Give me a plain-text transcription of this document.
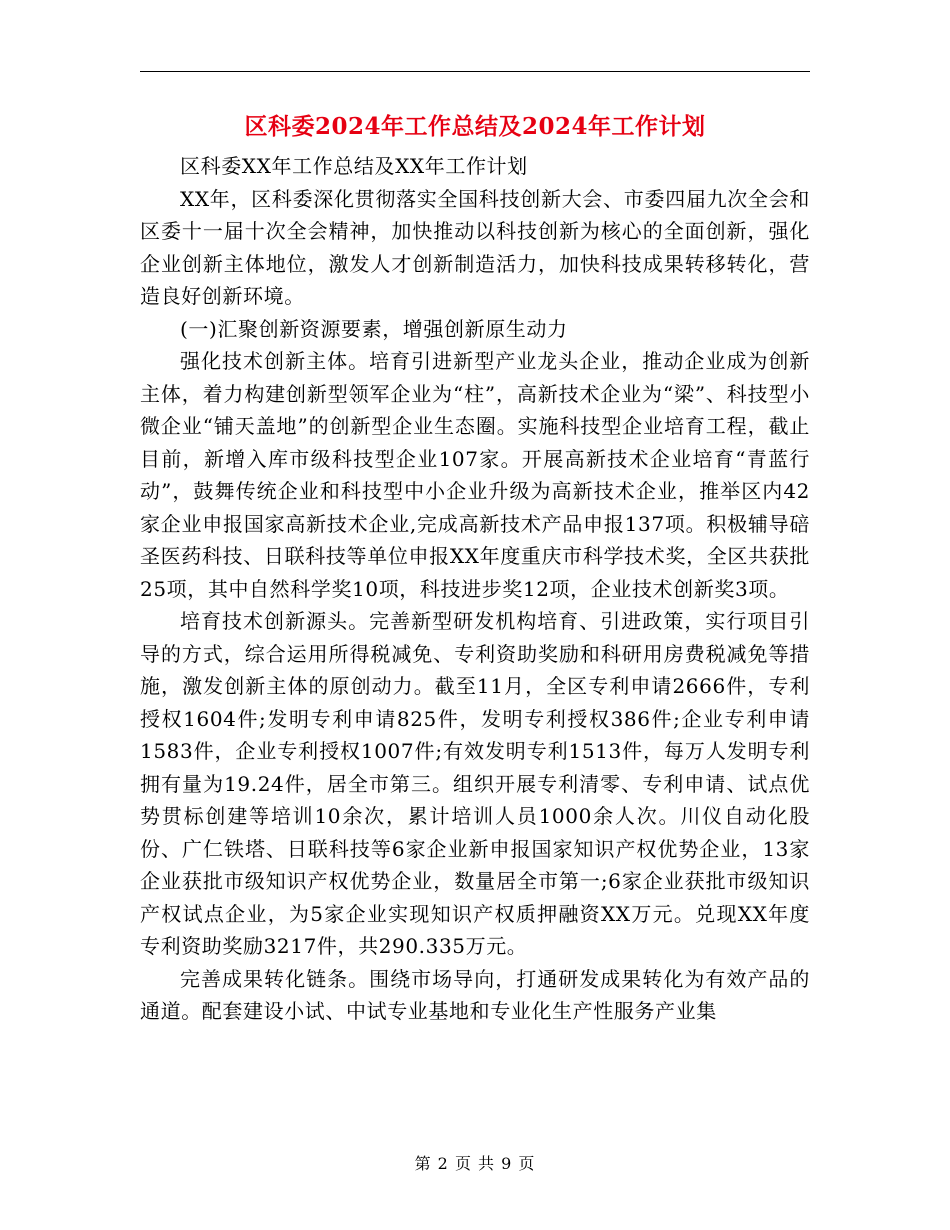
区科委2024年工作总结及2024年工作计划

区科委XX年工作总结及XX年工作计划

XX年，区科委深化贯彻落实全国科技创新大会、市委四届九次全会和区委十一届十次全会精神，加快推动以科技创新为核心的全面创新，强化企业创新主体地位，激发人才创新制造活力，加快科技成果转移转化，营造良好创新环境。

(一)汇聚创新资源要素，增强创新原生动力

强化技术创新主体。培育引进新型产业龙头企业，推动企业成为创新主体，着力构建创新型领军企业为“柱”，高新技术企业为“梁”、科技型小微企业“铺天盖地”的创新型企业生态圈。实施科技型企业培育工程，截止目前，新增入库市级科技型企业107家。开展高新技术企业培育“青蓝行动”，鼓舞传统企业和科技型中小企业升级为高新技术企业，推举区内42家企业申报国家高新技术企业,完成高新技术产品申报137项。积极辅导碚圣医药科技、日联科技等单位申报XX年度重庆市科学技术奖，全区共获批25项，其中自然科学奖10项，科技进步奖12项，企业技术创新奖3项。

培育技术创新源头。完善新型研发机构培育、引进政策，实行项目引导的方式，综合运用所得税减免、专利资助奖励和科研用房费税减免等措施，激发创新主体的原创动力。截至11月，全区专利申请2666件，专利授权1604件;发明专利申请825件，发明专利授权386件;企业专利申请1583件，企业专利授权1007件;有效发明专利1513件，每万人发明专利拥有量为19.24件，居全市第三。组织开展专利清零、专利申请、试点优势贯标创建等培训10余次，累计培训人员1000余人次。川仪自动化股份、广仁铁塔、日联科技等6家企业新申报国家知识产权优势企业，13家企业获批市级知识产权优势企业，数量居全市第一;6家企业获批市级知识产权试点企业，为5家企业实现知识产权质押融资XX万元。兑现XX年度专利资助奖励3217件，共290.335万元。

完善成果转化链条。围绕市场导向，打通研发成果转化为有效产品的通道。配套建设小试、中试专业基地和专业化生产性服务产业集

第 2 页 共 9 页
